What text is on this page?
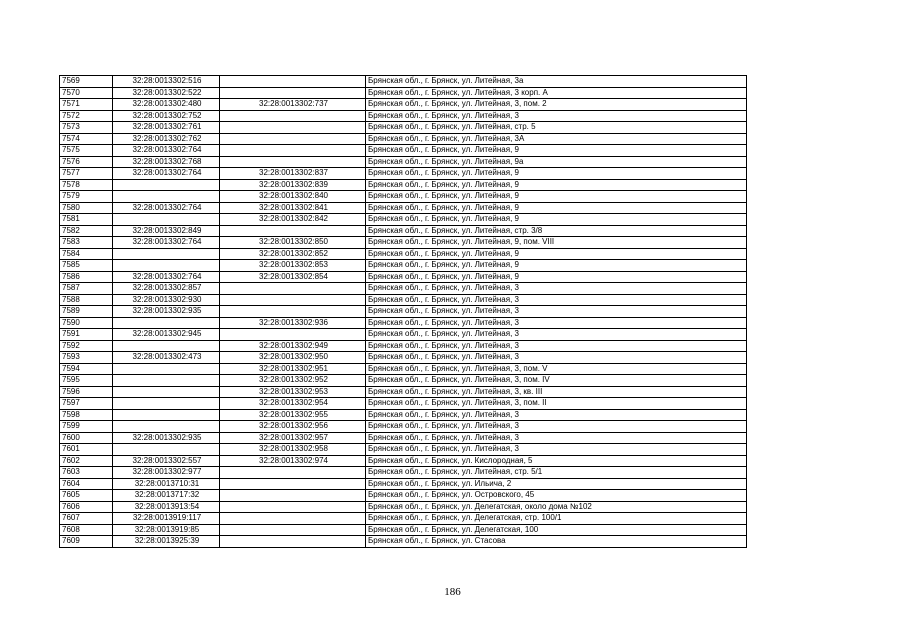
7569	32:28:0013302:516		Брянская обл., г. Брянск, ул. Литейная, 3а
7570	32:28:0013302:522		Брянская обл., г. Брянск, ул. Литейная, 3 корп. А
7571	32:28:0013302:480	32:28:0013302:737	Брянская обл., г. Брянск, ул. Литейная, 3, пом. 2
7572	32:28:0013302:752		Брянская обл., г. Брянск, ул. Литейная, 3
7573	32:28:0013302:761		Брянская обл., г. Брянск, ул. Литейная, стр. 5
7574	32:28:0013302:762		Брянская обл., г. Брянск, ул. Литейная, 3А
7575	32:28:0013302:764		Брянская обл., г. Брянск, ул. Литейная, 9
7576	32:28:0013302:768		Брянская обл., г. Брянск, ул. Литейная, 9а
7577	32:28:0013302:764	32:28:0013302:837	Брянская обл., г. Брянск, ул. Литейная, 9
7578		32:28:0013302:839	Брянская обл., г. Брянск, ул. Литейная, 9
7579		32:28:0013302:840	Брянская обл., г. Брянск, ул. Литейная, 9
7580	32:28:0013302:764	32:28:0013302:841	Брянская обл., г. Брянск, ул. Литейная, 9
7581		32:28:0013302:842	Брянская обл., г. Брянск, ул. Литейная, 9
7582	32:28:0013302:849		Брянская обл., г. Брянск, ул. Литейная, стр. 3/8
7583	32:28:0013302:764	32:28:0013302:850	Брянская обл., г. Брянск, ул. Литейная, 9, пом. VIII
7584		32:28:0013302:852	Брянская обл., г. Брянск, ул. Литейная, 9
7585		32:28:0013302:853	Брянская обл., г. Брянск, ул. Литейная, 9
7586	32:28:0013302:764	32:28:0013302:854	Брянская обл., г. Брянск, ул. Литейная, 9
7587	32:28:0013302:857		Брянская обл., г. Брянск, ул. Литейная, 3
7588	32:28:0013302:930		Брянская обл., г. Брянск, ул. Литейная, 3
7589	32:28:0013302:935		Брянская обл., г. Брянск, ул. Литейная, 3
7590		32:28:0013302:936	Брянская обл., г. Брянск, ул. Литейная, 3
7591	32:28:0013302:945		Брянская обл., г. Брянск, ул. Литейная, 3
7592		32:28:0013302:949	Брянская обл., г. Брянск, ул. Литейная, 3
7593	32:28:0013302:473	32:28:0013302:950	Брянская обл., г. Брянск, ул. Литейная, 3
7594		32:28:0013302:951	Брянская обл., г. Брянск, ул. Литейная, 3, пом. V
7595		32:28:0013302:952	Брянская обл., г. Брянск, ул. Литейная, 3, пом. IV
7596		32:28:0013302:953	Брянская обл., г. Брянск, ул. Литейная, 3, кв. III
7597		32:28:0013302:954	Брянская обл., г. Брянск, ул. Литейная, 3, пом. II
7598		32:28:0013302:955	Брянская обл., г. Брянск, ул. Литейная, 3
7599		32:28:0013302:956	Брянская обл., г. Брянск, ул. Литейная, 3
7600	32:28:0013302:935	32:28:0013302:957	Брянская обл., г. Брянск, ул. Литейная, 3
7601		32:28:0013302:958	Брянская обл., г. Брянск, ул. Литейная, 3
7602	32:28:0013302:557	32:28:0013302:974	Брянская обл., г. Брянск, ул. Кислородная, 5
7603	32:28:0013302:977		Брянская обл., г. Брянск, ул. Литейная, стр. 5/1
7604	32:28:0013710:31		Брянская обл., г. Брянск, ул. Ильича, 2
7605	32:28:0013717:32		Брянская обл., г. Брянск, ул. Островского, 45
7606	32:28:0013913:54		Брянская обл., г. Брянск, ул. Делегатская, около дома №102
7607	32:28:0013919:117		Брянская обл., г. Брянск, ул. Делегатская, стр. 100/1
7608	32:28:0013919:85		Брянская обл., г. Брянск, ул. Делегатская, 100
7609	32:28:0013925:39		Брянская обл., г. Брянск, ул. Стасова
186
